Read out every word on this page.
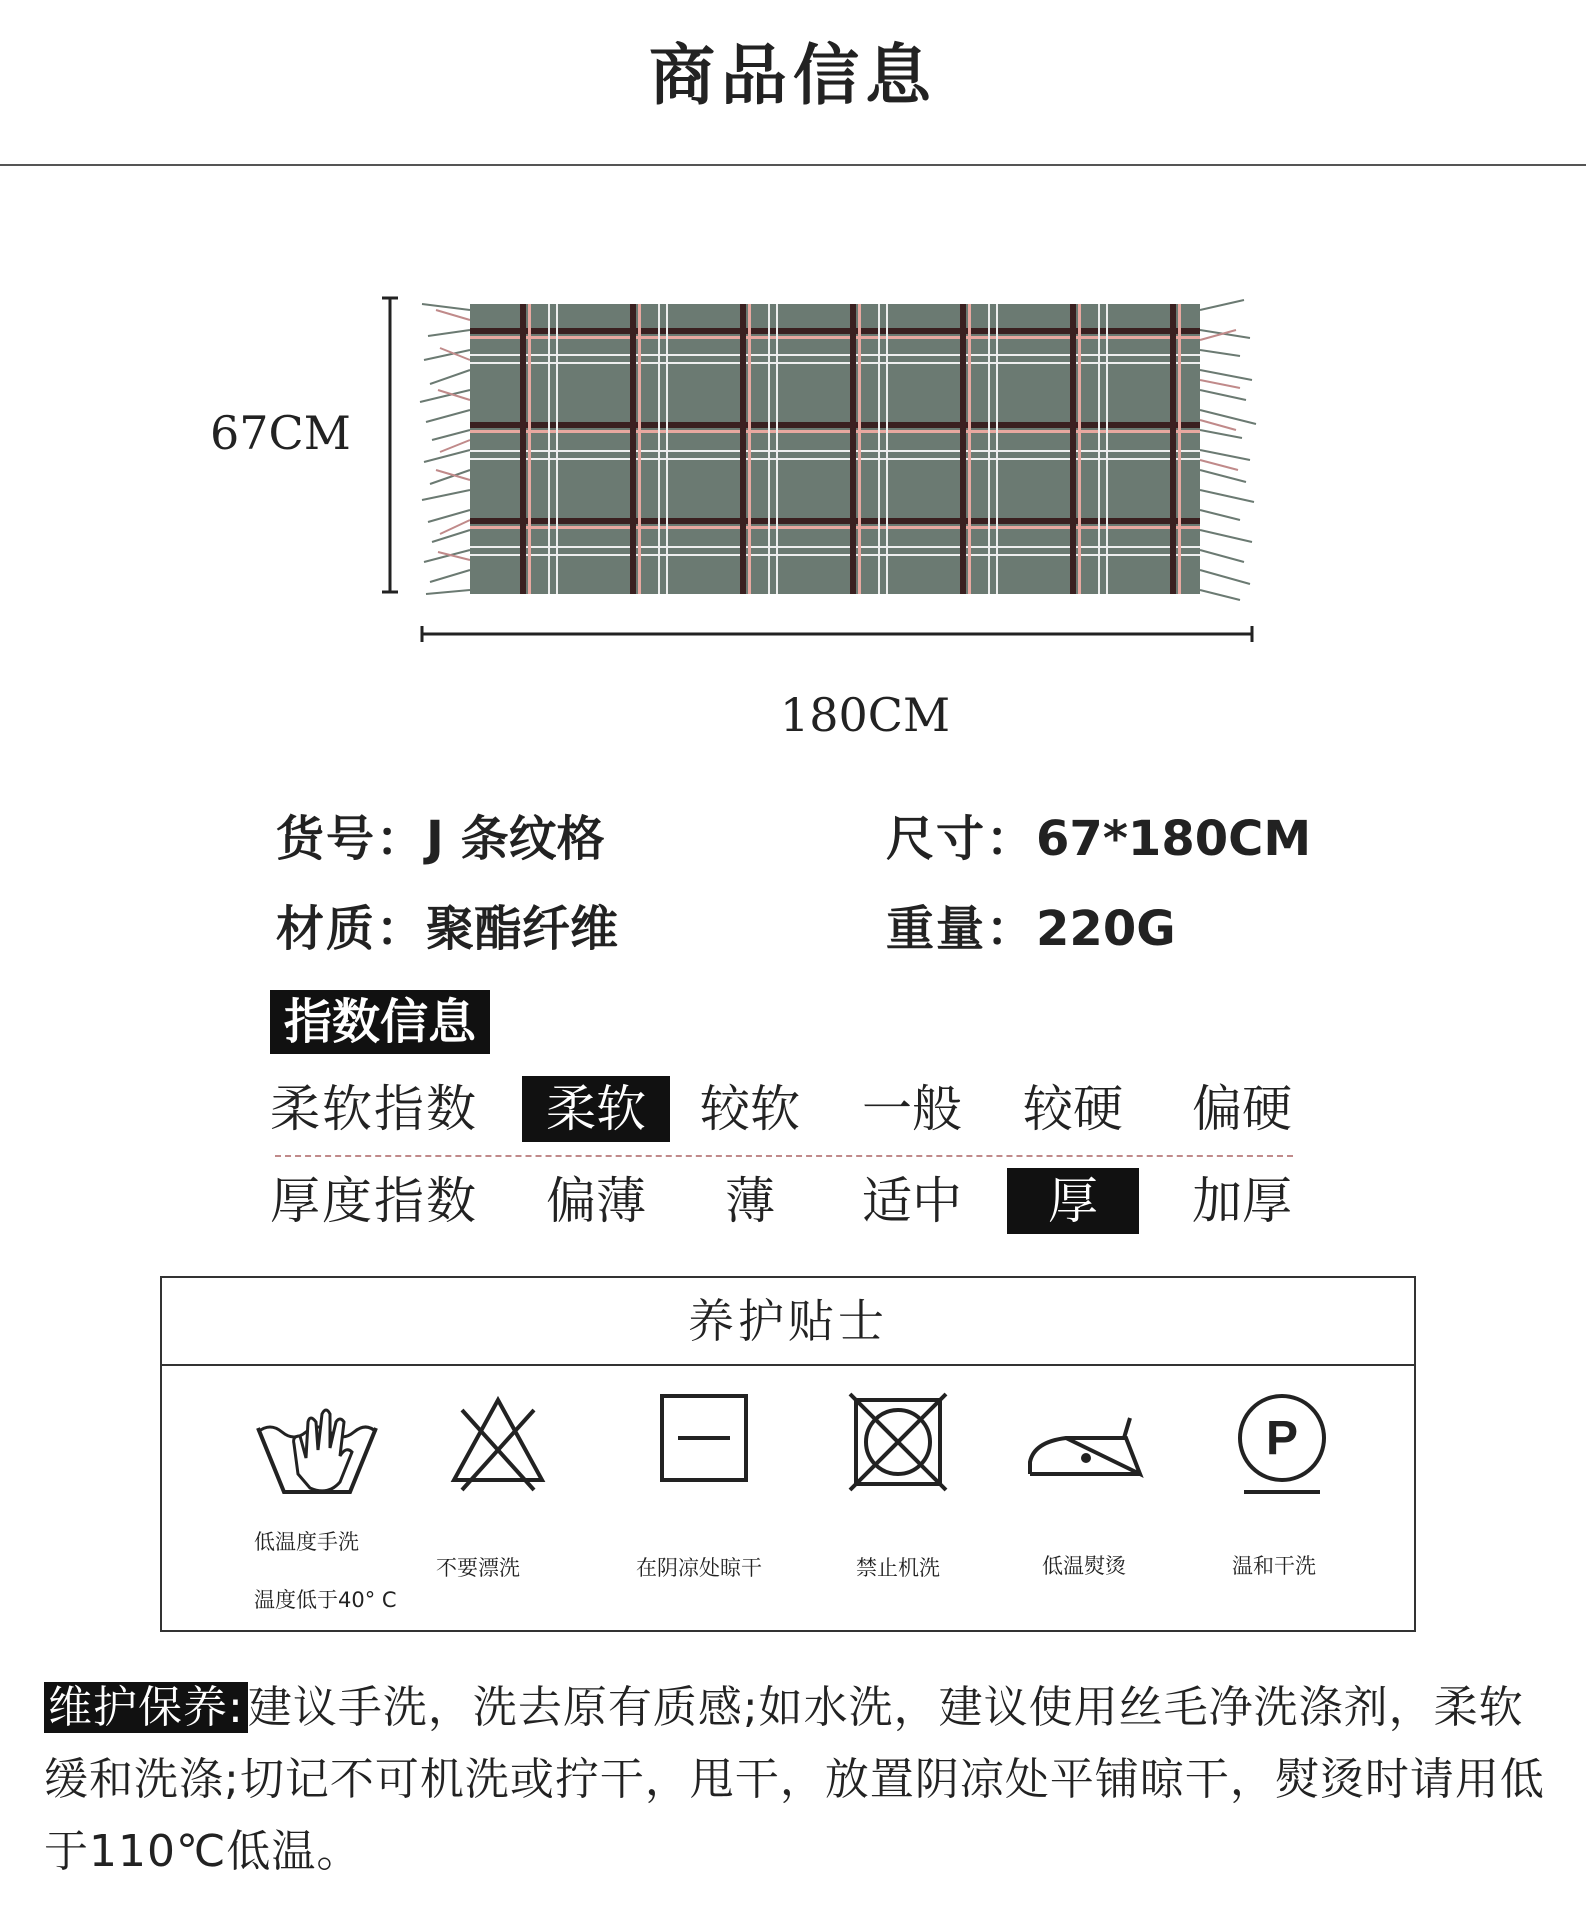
商品信息
67CM
180CM
货号：J 条纹格	尺寸：67*180CM
材质：聚酯纤维	重量：220G
指数信息
柔软指数	柔软	较软	一般	较硬	偏硬
厚度指数	偏薄	薄	适中	厚	加厚
养护贴士
P
低温度手洗
温度低于40° C
不要漂洗	在阴凉处晾干	禁止机洗	低温熨烫	温和干洗
维护保养:建议手洗，洗去原有质感;如水洗，建议使用丝毛净洗涤剂，柔软缓和洗涤;切记不可机洗或拧干，甩干，放置阴凉处平铺晾干，熨烫时请用低于110℃低温。
